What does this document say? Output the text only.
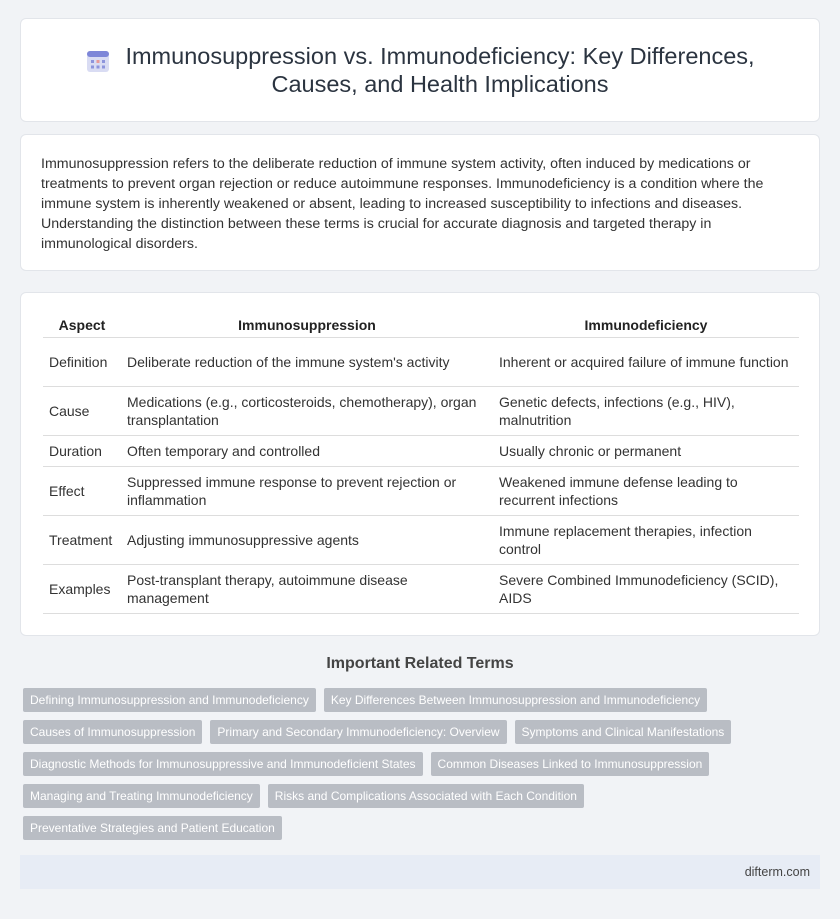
Immunosuppression vs. Immunodeficiency: Key Differences,
Causes, and Health Implications

Immunosuppression refers to the deliberate reduction of immune system activity, often induced by medications or treatments to prevent organ rejection or reduce autoimmune responses. Immunodeficiency is a condition where the immune system is inherently weakened or absent, leading to increased susceptibility to infections and diseases. Understanding the distinction between these terms is crucial for accurate diagnosis and targeted therapy in immunological disorders.

Aspect	Immunosuppression	Immunodeficiency
Definition	Deliberate reduction of the immune system's activity	Inherent or acquired failure of immune function
Cause	Medications (e.g., corticosteroids, chemotherapy), organ transplantation	Genetic defects, infections (e.g., HIV), malnutrition
Duration	Often temporary and controlled	Usually chronic or permanent
Effect	Suppressed immune response to prevent rejection or inflammation	Weakened immune defense leading to recurrent infections
Treatment	Adjusting immunosuppressive agents	Immune replacement therapies, infection control
Examples	Post-transplant therapy, autoimmune disease management	Severe Combined Immunodeficiency (SCID), AIDS
Important Related Terms
Defining Immunosuppression and Immunodeficiency	Key Differences Between Immunosuppression and Immunodeficiency
Causes of Immunosuppression	Primary and Secondary Immunodeficiency: Overview	Symptoms and Clinical Manifestations
Diagnostic Methods for Immunosuppressive and Immunodeficient States	Common Diseases Linked to Immunosuppression
Managing and Treating Immunodeficiency	Risks and Complications Associated with Each Condition
Preventative Strategies and Patient Education
difterm.com
